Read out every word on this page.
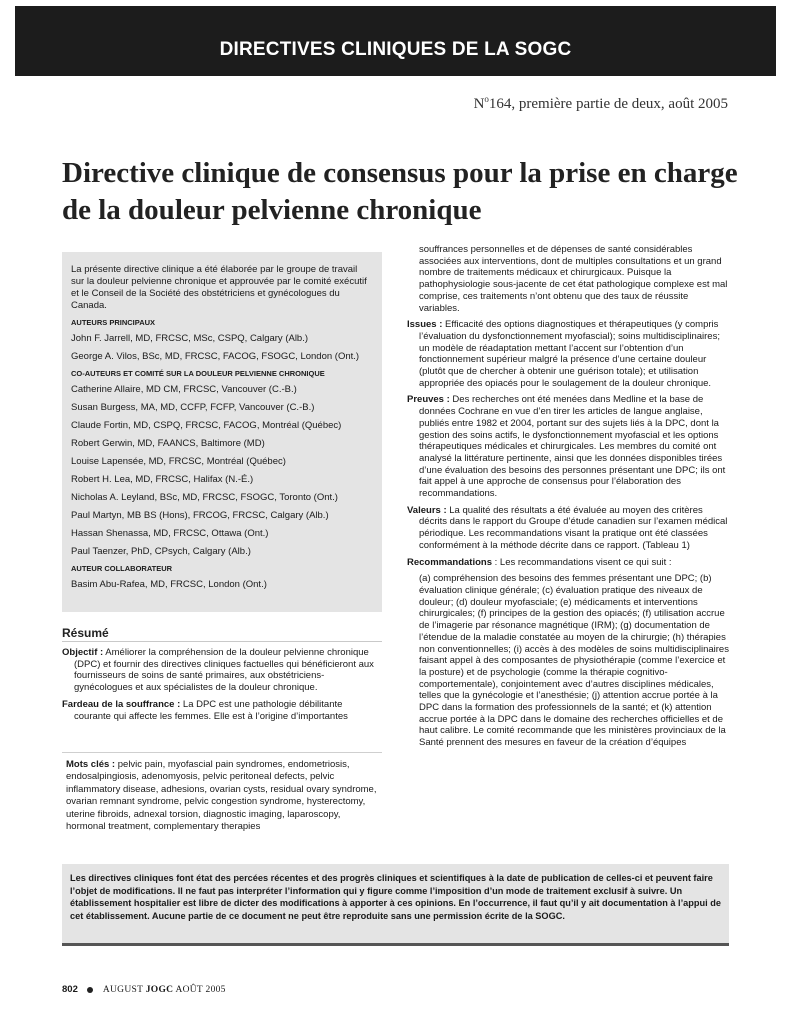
DIRECTIVES CLINIQUES DE LA SOGC
$N^o164$, première partie de deux, août 2005
Directive clinique de consensus pour la prise en charge de la douleur pelvienne chronique

La présente directive clinique a été élaborée par le groupe de travail sur la douleur pelvienne chronique et approuvée par le comité exécutif et le Conseil de la Société des obstétriciens et gynécologues du Canada.

AUTEURS PRINCIPAUX

John F. Jarrell, MD, FRCSC, MSc, CSPQ, Calgary (Alb.)

George A. Vilos, BSc, MD, FRCSC, FACOG, FSOGC, London (Ont.)

CO-AUTEURS ET COMITÉ SUR LA DOULEUR PELVIENNE CHRONIQUE

Catherine Allaire, MD CM, FRCSC, Vancouver (C.-B.)

Susan Burgess, MA, MD, CCFP, FCFP, Vancouver (C.-B.)

Claude Fortin, MD, CSPQ, FRCSC, FACOG, Montréal (Québec)

Robert Gerwin, MD, FAANCS, Baltimore (MD)

Louise Lapensée, MD, FRCSC, Montréal (Québec)

Robert H. Lea, MD, FRCSC, Halifax (N.-É.)

Nicholas A. Leyland, BSc, MD, FRCSC, FSOGC, Toronto (Ont.)

Paul Martyn, MB BS (Hons), FRCOG, FRCSC, Calgary (Alb.)

Hassan Shenassa, MD, FRCSC, Ottawa (Ont.)

Paul Taenzer, PhD, CPsych, Calgary (Alb.)

AUTEUR COLLABORATEUR

Basim Abu-Rafea, MD, FRCSC, London (Ont.)

Résumé

Objectif : Améliorer la compréhension de la douleur pelvienne chronique (DPC) et fournir des directives cliniques factuelles qui bénéficieront aux fournisseurs de soins de santé primaires, aux obstétriciens-gynécologues et aux spécialistes de la douleur chronique.

Fardeau de la souffrance : La DPC est une pathologie débilitante courante qui affecte les femmes. Elle est à l’origine d’importantes

Mots clés : pelvic pain, myofascial pain syndromes, endometriosis, endosalpingiosis, adenomyosis, pelvic peritoneal defects, pelvic inflammatory disease, adhesions, ovarian cysts, residual ovary syndrome, ovarian remnant syndrome, pelvic congestion syndrome, hysterectomy, uterine fibroids, adnexal torsion, diagnostic imaging, laparoscopy, hormonal treatment, complementary therapies

souffrances personnelles et de dépenses de santé considérables associées aux interventions, dont de multiples consultations et un grand nombre de traitements médicaux et chirurgicaux. Puisque la pathophysiologie sous-jacente de cet état pathologique complexe est mal comprise, ces traitements n’ont obtenu que des taux de réussite variables.

Issues : Efficacité des options diagnostiques et thérapeutiques (y compris l’évaluation du dysfonctionnement myofascial); soins multidisciplinaires; un modèle de réadaptation mettant l’accent sur l’obtention d’un fonctionnement supérieur malgré la présence d’une certaine douleur (plutôt que de chercher à obtenir une guérison totale); et utilisation appropriée des opiacés pour le soulagement de la douleur chronique.

Preuves : Des recherches ont été menées dans Medline et la base de données Cochrane en vue d’en tirer les articles de langue anglaise, publiés entre 1982 et 2004, portant sur des sujets liés à la DPC, dont la gestion des soins actifs, le dysfonctionnement myofascial et les options thérapeutiques médicales et chirurgicales. Les membres du comité ont analysé la littérature pertinente, ainsi que les données disponibles tirées d’une évaluation des besoins des personnes présentant une DPC; ils ont fait appel à une approche de consensus pour l’élaboration des recommandations.

Valeurs : La qualité des résultats a été évaluée au moyen des critères décrits dans le rapport du Groupe d’étude canadien sur l’examen médical périodique. Les recommandations visant la pratique ont été classées conformément à la méthode décrite dans ce rapport. (Tableau 1)

Recommandations : Les recommandations visent ce qui suit :

(a) compréhension des besoins des femmes présentant une DPC; (b) évaluation clinique générale; (c) évaluation pratique des niveaux de douleur; (d) douleur myofasciale; (e) médicaments et interventions chirurgicales; (f) principes de la gestion des opiacés; (f) utilisation accrue de l’imagerie par résonance magnétique (IRM); (g) documentation de l’étendue de la maladie constatée au moyen de la chirurgie; (h) thérapies non conventionnelles; (i) accès à des modèles de soins multidisciplinaires faisant appel à des composantes de physiothérapie (comme l’exercice et la posture) et de psychologie (comme la thérapie cognitivo-comportementale), conjointement avec d’autres disciplines médicales, telles que la gynécologie et l’anesthésie; (j) attention accrue portée à la DPC dans la formation des professionnels de la santé; et (k) attention accrue portée à la DPC dans le domaine des recherches officielles et de haut calibre. Le comité recommande que les ministères provinciaux de la Santé prennent des mesures en faveur de la création d’équipes

Les directives cliniques font état des percées récentes et des progrès cliniques et scientifiques à la date de publication de celles-ci et peuvent faire l’objet de modifications. Il ne faut pas interpréter l’information qui y figure comme l’imposition d’un mode de traitement exclusif à suivre. Un établissement hospitalier est libre de dicter des modifications à apporter à ces opinions. En l’occurrence, il faut qu’il y ait documentation à l’appui de cet établissement. Aucune partie de ce document ne peut être reproduite sans une permission écrite de la SOGC.

802	AUGUST JOGC AOÛT 2005
